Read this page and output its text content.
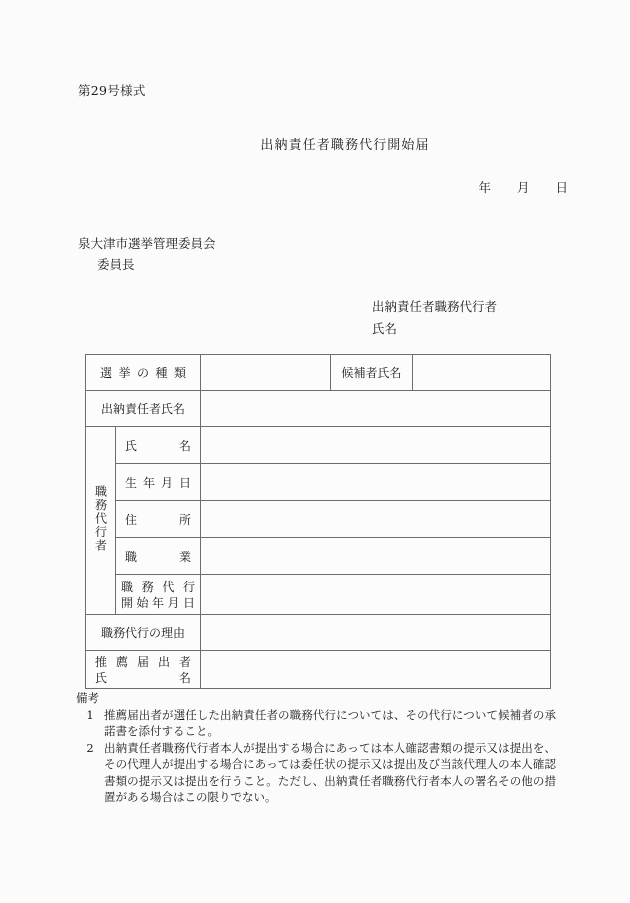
第29号様式
出納責任者職務代行開始届
年 月 日
泉大津市選挙管理委員会
委員長
出納責任者職務代行者
氏名
選 挙 の 種 類			候補者氏名	
出納責任者氏名				
職務代行者	氏　　名			
	生 年 月 日			
	住　　所			
	職　　業			

	職 務 代 行
開始年月日			

職務代行の理由				

推 薦 届 出 者
氏　　　　名				

備考
1 推薦届出者が選任した出納責任者の職務代行については、その代行について候補者の承諾書を添付すること。
2 出納責任者職務代行者本人が提出する場合にあっては本人確認書類の提示又は提出を、その代理人が提出する場合にあっては委任状の提示又は提出及び当該代理人の本人確認書類の提示又は提出を行うこと。ただし、出納責任者職務代行者本人の署名その他の措置がある場合はこの限りでない。
